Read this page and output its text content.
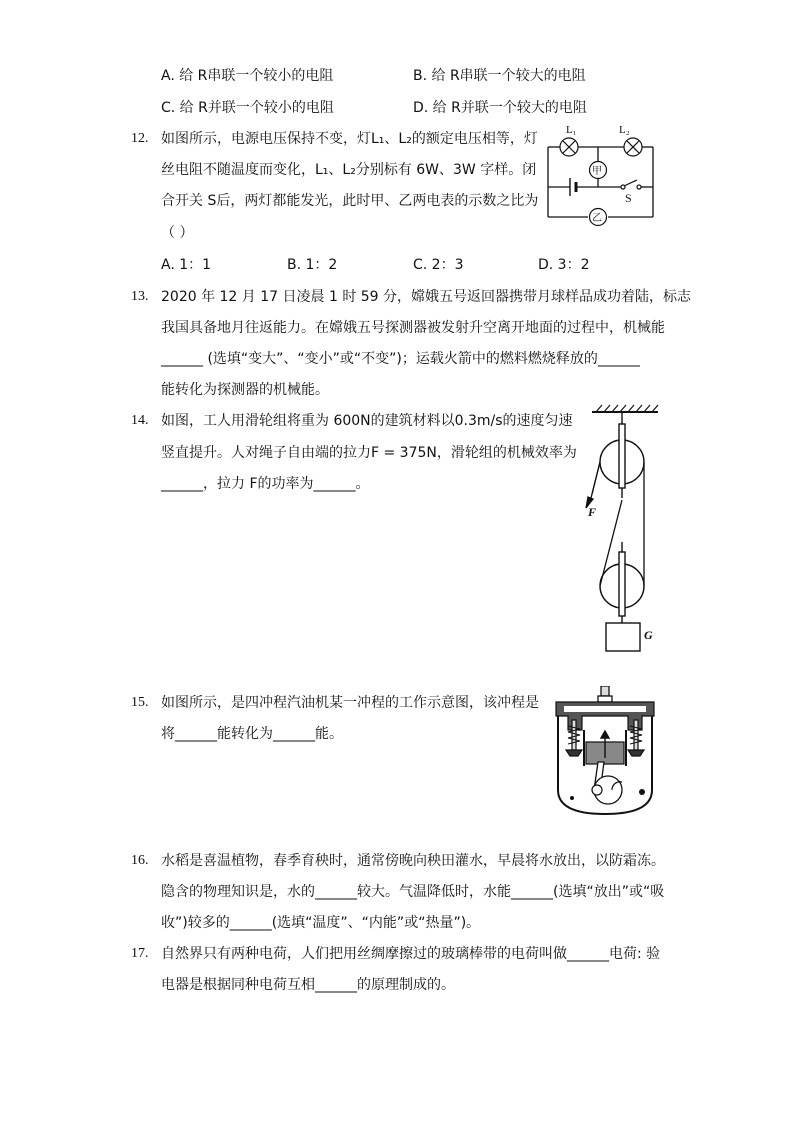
A. 给 R串联一个较小的电阻	B. 给 R串联一个较大的电阻
C. 给 R并联一个较小的电阻	D. 给 R并联一个较大的电阻
12. 如图所示，电源电压保持不变，灯L₁、L₂的额定电压相等，灯
丝电阻不随温度而变化，L₁、L₂分别标有 6W、3W 字样。闭
合开关 S后，两灯都能发光，此时甲、乙两电表的示数之比为
（ ）
A. 1：1	B. 1：2	C. 2：3	D. 3：2
L₁	L₂
甲
乙
S
13. 2020 年 12 月 17 日凌晨 1 时 59 分，嫦娥五号返回器携带月球样品成功着陆，标志
我国具备地月往返能力。在嫦娥五号探测器被发射升空离开地面的过程中，机械能
______ (选填“变大”、“变小”或“不变”)；运载火箭中的燃料燃烧释放的______
能转化为探测器的机械能。
14. 如图，工人用滑轮组将重为 600N的建筑材料以0.3m/s的速度匀速
竖直提升。人对绳子自由端的拉力F = 375N，滑轮组的机械效率为
______，拉力 F的功率为______。
F
G
15. 如图所示，是四冲程汽油机某一冲程的工作示意图，该冲程是
将______能转化为______能。
16. 水稻是喜温植物，春季育秧时，通常傍晚向秧田灌水，早晨将水放出，以防霜冻。
隐含的物理知识是，水的______较大。气温降低时，水能______(选填“放出”或“吸
收”)较多的______(选填“温度”、“内能”或“热量”)。
17. 自然界只有两种电荷，人们把用丝绸摩擦过的玻璃棒带的电荷叫做______电荷: 验
电器是根据同种电荷互相______的原理制成的。
